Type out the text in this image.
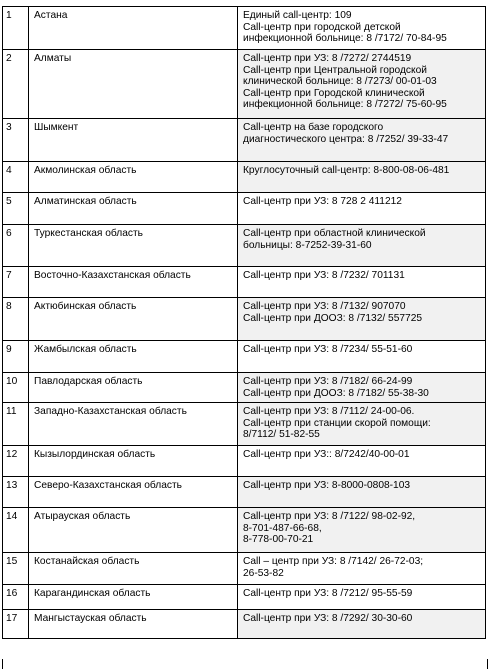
1	Астана	Единый call-центр: 109
Call-центр при городской детской
инфекционной больнице: 8 /7172/ 70-84-95

2	Алматы	Call-центр при УЗ: 8 /7272/ 2744519
Call-центр при Центральной городской
клинической больнице: 8 /7273/ 00-01-03
Call-центр при Городской клинической
инфекционной больнице: 8 /7272/ 75-60-95

3	Шымкент	Call-центр на базе городского
диагностического центра: 8 /7252/ 39-33-47

4	Акмолинская область	Круглосуточный call-центр: 8-800-08-06-481

5	Алматинская область	Call-центр при УЗ: 8 728 2 411212

6	Туркестанская область	Call-центр при областной клинической
больницы: 8-7252-39-31-60

7	Восточно-Казахстанская область	Call-центр при УЗ: 8 /7232/ 701131

8	Актюбинская область	Call-центр при УЗ: 8 /7132/ 907070
Call-центр при ДООЗ: 8 /7132/ 557725

9	Жамбылская область	Call-центр при УЗ: 8 /7234/ 55-51-60

10	Павлодарская область	Call-центр при УЗ: 8 /7182/ 66-24-99
Call-центр при ДООЗ: 8 /7182/ 55-38-30

11	Западно-Казахстанская область	Call-центр при УЗ: 8 /7112/ 24-00-06.
Call-центр при станции скорой помощи:
8/7112/ 51-82-55

12	Кызылординская область	Call-центр при УЗ:: 8/7242/40-00-01

13	Северо-Казахстанская область	Call-центр при УЗ: 8-8000-0808-103

14	Атырауская область	Call-центр при УЗ: 8 /7122/ 98-02-92,
8-701-487-66-68,
8-778-00-70-21

15	Костанайская область	Call – центр при УЗ: 8 /7142/ 26-72-03;
26-53-82

16	Карагандинская область	Call-центр при УЗ: 8 /7212/ 95-55-59

17	Мангыстауская область	Call-центр при УЗ: 8 /7292/ 30-30-60
